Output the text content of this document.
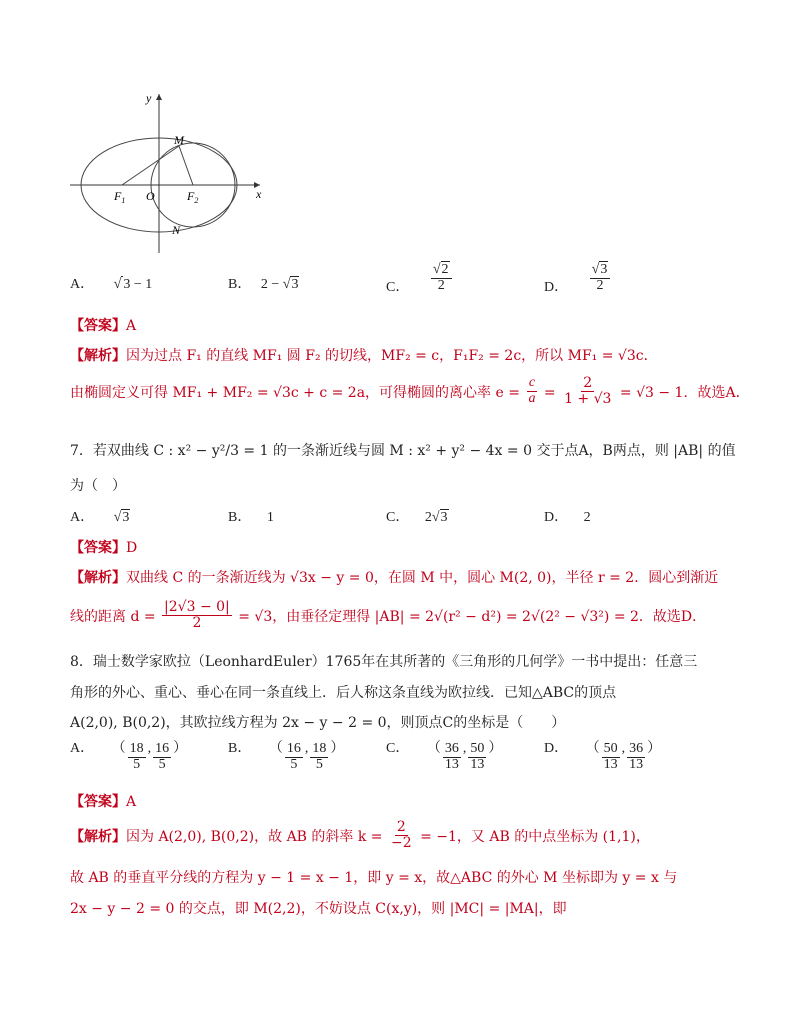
y
x
M
N
O
$F_1$	$F_2$
A． √ 3 − 1	B． 2 − √ 3	C． √ $\frac{2}{2}$	D． √ $\frac{3}{2}$
【答案】A
【解析】因为过点 F₁ 的直线 MF₁ 圆 F₂ 的切线，MF₂ = c，F₁F₂ = 2c，所以 MF₁ = √3c．
由椭圆定义可得 MF₁ + MF₂ = √3c + c = 2a，可得椭圆的离心率 $e = \frac{c}{a} = \frac{2}{1 + √3} = √3 - 1$．故选A．
7．若双曲线 C : x² − y²/3 = 1 的一条渐近线与圆 M : x² + y² − 4x = 0 交于点A，B两点，则 |AB| 的值
为（　）
A． √ 3	B． 1	C． 2 √ 3	D． 2
【答案】D
【解析】双曲线 C 的一条渐近线为 √3x − y = 0，在圆 M 中，圆心 M(2, 0)，半径 r = 2．圆心到渐近
线的距离 $d = \frac{|2√3 - 0|}{2} = √3$，由垂径定理得 |AB| = 2√(r² − d²) = 2√(2² − √3²) = 2．故选D．
8．瑞士数学家欧拉（LeonhardEuler）1765年在其所著的《三角形的几何学》一书中提出：任意三
角形的外心、重心、垂心在同一条直线上．后人称这条直线为欧拉线．已知△ABC的顶点
A(2,0), B(0,2)，其欧拉线方程为 2x − y − 2 = 0，则顶点C的坐标是（　　）
A． （ $\frac{18}{5}$ , $\frac{16}{5}$ ）	B． （ $\frac{16}{5}$ , $\frac{18}{5}$ ）	C． （ $\frac{36}{13}$ , $\frac{50}{13}$ ）	D． （ $\frac{50}{13}$ , $\frac{36}{13}$ ）
【答案】A
【解析】因为 A(2,0), B(0,2)，故 AB 的斜率 $k = \frac{2}{-2} = -1$，又 AB 的中点坐标为 (1,1)，
故 AB 的垂直平分线的方程为 y − 1 = x − 1，即 y = x，故△ABC 的外心 M 坐标即为 y = x 与
2x − y − 2 = 0 的交点，即 M(2,2)，不妨设点 C(x,y)，则 |MC| = |MA|，即
